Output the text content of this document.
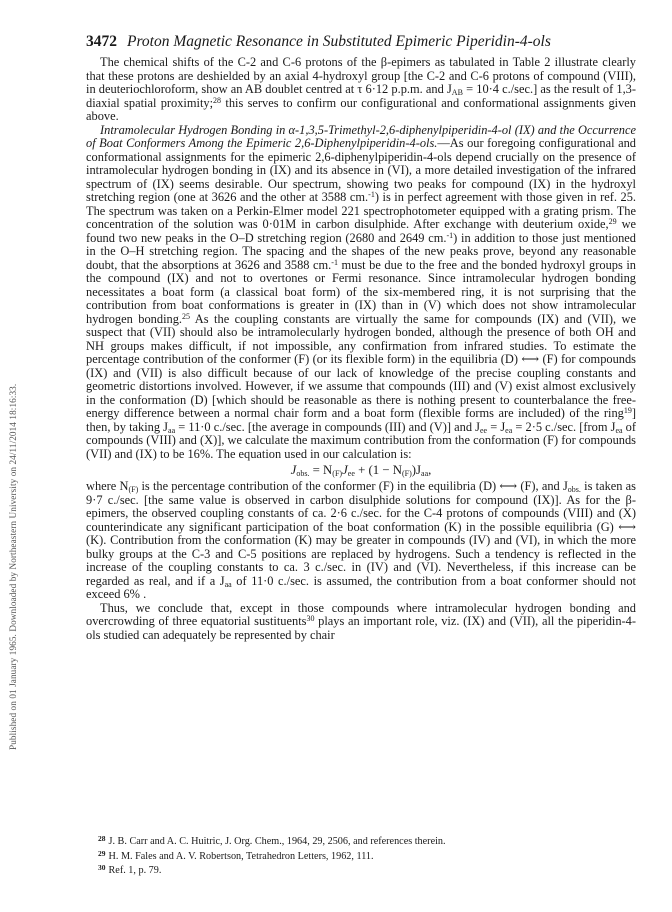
Published on 01 January 1965. Downloaded by Northeastern University on 24/11/2014 18:16:33.
3472 Proton Magnetic Resonance in Substituted Epimeric Piperidin-4-ols

The chemical shifts of the C-2 and C-6 protons of the β-epimers as tabulated in Table 2 illustrate clearly that these protons are deshielded by an axial 4-hydroxyl group [the C-2 and C-6 protons of compound (VIII), in deuteriochloroform, show an AB doublet centred at τ 6·12 p.p.m. and $J_{AB} = 10\cdot 4$ c./sec.] as the result of 1,3-diaxial spatial proximity;$^{28}$ this serves to confirm our configurational and conformational assignments given above.

Intramolecular Hydrogen Bonding in α-1,3,5-Trimethyl-2,6-diphenylpiperidin-4-ol (IX) and the Occurrence of Boat Conformers Among the Epimeric 2,6-Diphenylpiperidin-4-ols.—As our foregoing configurational and conformational assignments for the epimeric 2,6-diphenylpiperidin-4-ols depend crucially on the presence of intramolecular hydrogen bonding in (IX) and its absence in (VI), a more detailed investigation of the infrared spectrum of (IX) seems desirable. Our spectrum, showing two peaks for compound (IX) in the hydroxyl stretching region (one at 3626 and the other at 3588 cm.$^{-1}$) is in perfect agreement with those given in ref. 25. The spectrum was taken on a Perkin-Elmer model 221 spectrophotometer equipped with a grating prism. The concentration of the solution was 0·01M in carbon disulphide. After exchange with deuterium oxide,$^{29}$ we found two new peaks in the O–D stretching region (2680 and 2649 cm.$^{-1}$) in addition to those just mentioned in the O–H stretching region. The spacing and the shapes of the new peaks prove, beyond any reasonable doubt, that the absorptions at 3626 and 3588 cm.$^{-1}$ must be due to the free and the bonded hydroxyl groups in the compound (IX) and not to overtones or Fermi resonance. Since intramolecular hydrogen bonding necessitates a boat form (a classical boat form) of the six-membered ring, it is not surprising that the contribution from boat conformations is greater in (IX) than in (V) which does not show intramolecular hydrogen bonding.$^{25}$ As the coupling constants are virtually the same for compounds (IX) and (VII), we suspect that (VII) should also be intramolecularly hydrogen bonded, although the presence of both OH and NH groups makes difficult, if not impossible, any confirmation from infrared studies. To estimate the percentage contribution of the conformer (F) (or its flexible form) in the equilibria (D) ⟷ (F) for compounds (IX) and (VII) is also difficult because of our lack of knowledge of the precise coupling constants and geometric distortions involved. However, if we assume that compounds (III) and (V) exist almost exclusively in the conformation (D) [which should be reasonable as there is nothing present to counterbalance the free-energy difference between a normal chair form and a boat form (flexible forms are included) of the ring$^{19}$] then, by taking $J_{aa} = 11\cdot 0$ c./sec. [the average in compounds (III) and (V)] and $J_{ee} = J_{ea} = 2\cdot 5$ c./sec. [from $J_{ea}$ of compounds (VIII) and (X)], we calculate the maximum contribution from the conformation (F) for compounds (VII) and (IX) to be 16%. The equation used in our calculation is:

$J_{obs.} = N_{(F)}J_{ee} + (1 - N_{(F)})J_{aa}$,

where $N_{(F)}$ is the percentage contribution of the conformer (F) in the equilibria (D) ⟷ (F), and $J_{obs.}$ is taken as 9·7 c./sec. [the same value is observed in carbon disulphide solutions for compound (IX)]. As for the β-epimers, the observed coupling constants of ca. 2·6 c./sec. for the C-4 protons of compounds (VIII) and (X) counterindicate any significant participation of the boat conformation (K) in the possible equilibria (G) ⟷ (K). Contribution from the conformation (K) may be greater in compounds (IV) and (VI), in which the more bulky groups at the C-3 and C-5 positions are replaced by hydrogens. Such a tendency is reflected in the increase of the coupling constants to ca. 3 c./sec. in (IV) and (VI). Nevertheless, if this increase can be regarded as real, and if a $J_{aa}$ of 11·0 c./sec. is assumed, the contribution from a boat conformer should not exceed 6% .

Thus, we conclude that, except in those compounds where intramolecular hydrogen bonding and overcrowding of three equatorial sustituents$^{30}$ plays an important role, viz. (IX) and (VII), all the piperidin-4-ols studied can adequately be represented by chair

$^{28}$ J. B. Carr and A. C. Huitric, J. Org. Chem., 1964, 29, 2506, and references therein.
$^{29}$ H. M. Fales and A. V. Robertson, Tetrahedron Letters, 1962, 111.
$^{30}$ Ref. 1, p. 79.
